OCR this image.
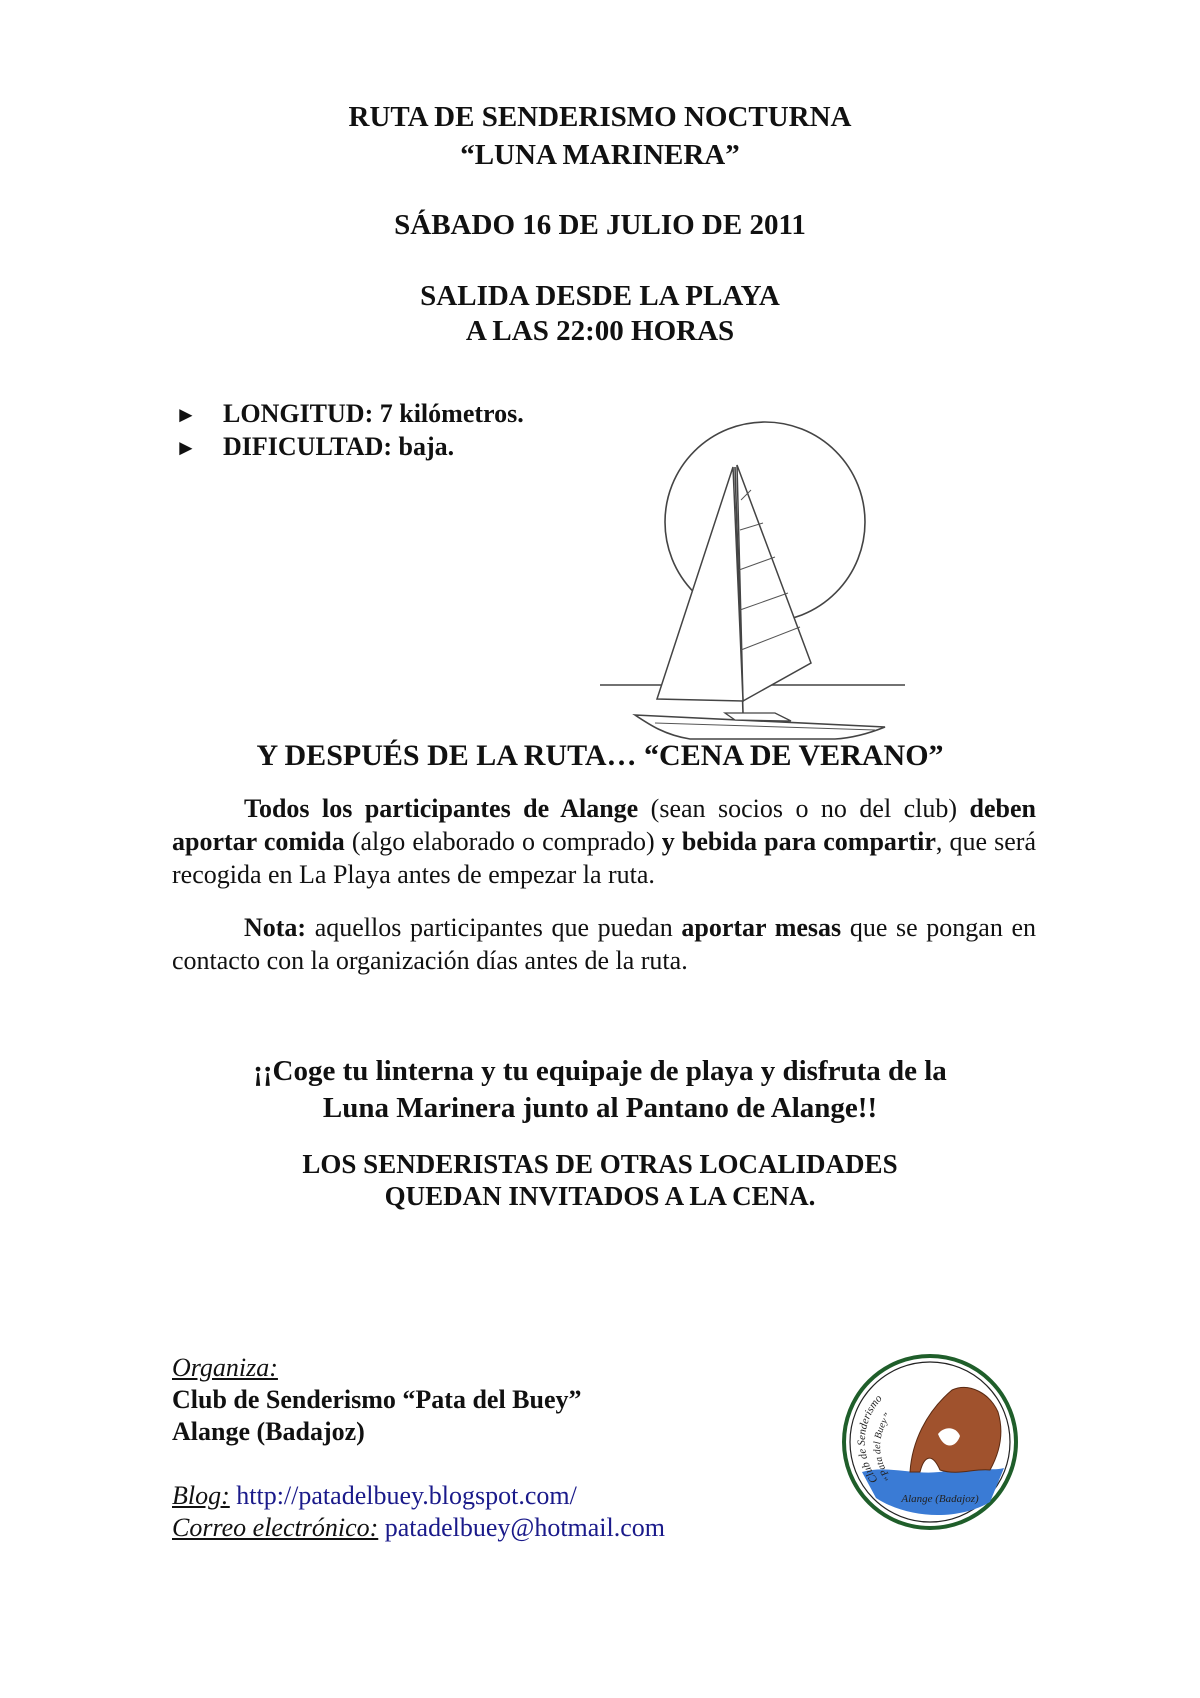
RUTA DE SENDERISMO NOCTURNA
“LUNA MARINERA”
SÁBADO 16 DE JULIO DE 2011
SALIDA DESDE LA PLAYA
A LAS 22:00 HORAS
► LONGITUD: 7 kilómetros.
► DIFICULTAD: baja.
Y DESPUÉS DE LA RUTA… “CENA DE VERANO”

Todos los participantes de Alange (sean socios o no del club) deben aportar comida (algo elaborado o comprado) y bebida para compartir, que será recogida en La Playa antes de empezar la ruta.

Nota: aquellos participantes que puedan aportar mesas que se pongan en contacto con la organización días antes de la ruta.

¡¡Coge tu linterna y tu equipaje de playa y disfruta de la
Luna Marinera junto al Pantano de Alange!!
LOS SENDERISTAS DE OTRAS LOCALIDADES
QUEDAN INVITADOS A LA CENA.
Organiza:
Club de Senderismo “Pata del Buey”
Alange (Badajoz)
Blog: http://patadelbuey.blogspot.com/
Correo electrónico: patadelbuey@hotmail.com
Club de Senderismo
“Pata del Buey”
Alange (Badajoz)
